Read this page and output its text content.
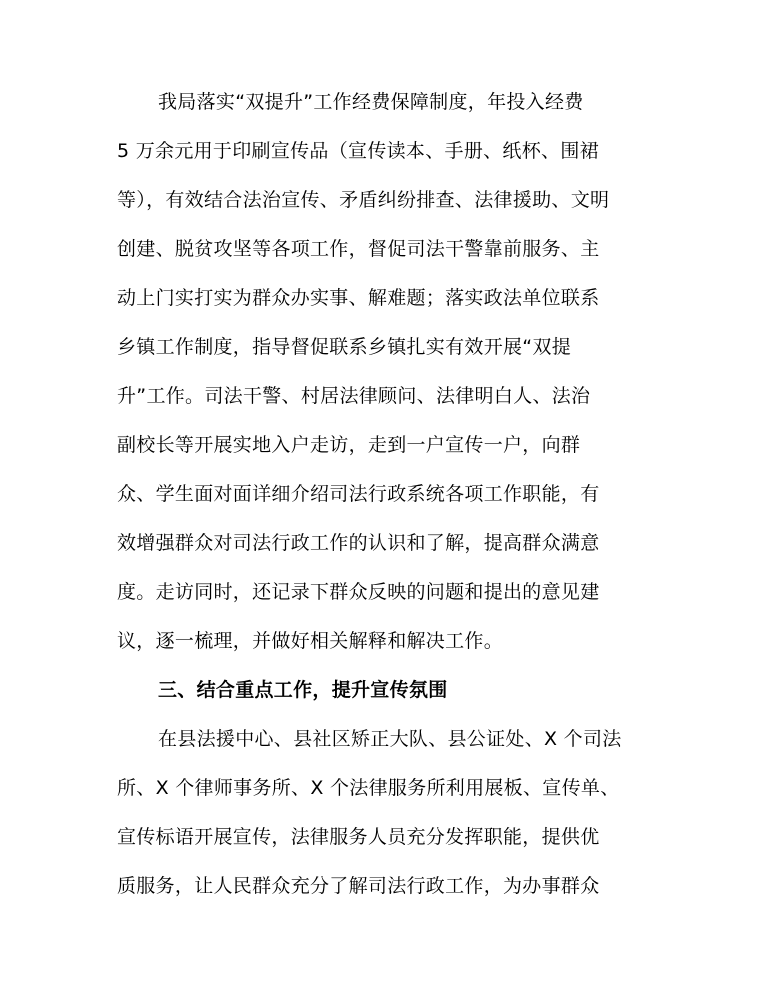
我局落实“双提升”工作经费保障制度，年投入经费
5 万余元用于印刷宣传品（宣传读本、手册、纸杯、围裙
等），有效结合法治宣传、矛盾纠纷排查、法律援助、文明
创建、脱贫攻坚等各项工作，督促司法干警靠前服务、主
动上门实打实为群众办实事、解难题；落实政法单位联系
乡镇工作制度，指导督促联系乡镇扎实有效开展“双提
升”工作。司法干警、村居法律顾问、法律明白人、法治
副校长等开展实地入户走访，走到一户宣传一户，向群
众、学生面对面详细介绍司法行政系统各项工作职能，有
效增强群众对司法行政工作的认识和了解，提高群众满意
度。走访同时，还记录下群众反映的问题和提出的意见建
议，逐一梳理，并做好相关解释和解决工作。
三、结合重点工作，提升宣传氛围
在县法援中心、县社区矫正大队、县公证处、X 个司法
所、X 个律师事务所、X 个法律服务所利用展板、宣传单、
宣传标语开展宣传，法律服务人员充分发挥职能，提供优
质服务，让人民群众充分了解司法行政工作，为办事群众
